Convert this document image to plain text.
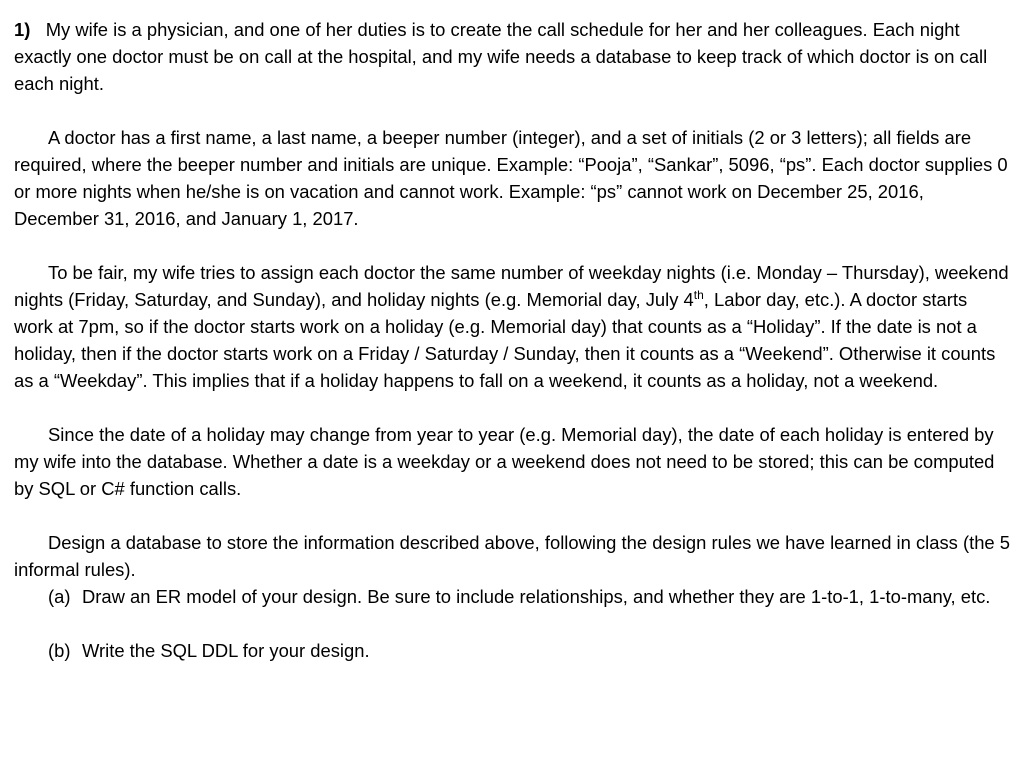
1) My wife is a physician, and one of her duties is to create the call schedule for her and her colleagues. Each night exactly one doctor must be on call at the hospital, and my wife needs a database to keep track of which doctor is on call each night.

A doctor has a first name, a last name, a beeper number (integer), and a set of initials (2 or 3 letters); all fields are required, where the beeper number and initials are unique. Example: “Pooja”, “Sankar”, 5096, “ps”. Each doctor supplies 0 or more nights when he/she is on vacation and cannot work. Example: “ps” cannot work on December 25, 2016, December 31, 2016, and January 1, 2017.

To be fair, my wife tries to assign each doctor the same number of weekday nights (i.e. Monday – Thursday), weekend nights (Friday, Saturday, and Sunday), and holiday nights (e.g. Memorial day, July 4th, Labor day, etc.). A doctor starts work at 7pm, so if the doctor starts work on a holiday (e.g. Memorial day) that counts as a “Holiday”. If the date is not a holiday, then if the doctor starts work on a Friday / Saturday / Sunday, then it counts as a “Weekend”. Otherwise it counts as a “Weekday”. This implies that if a holiday happens to fall on a weekend, it counts as a holiday, not a weekend.

Since the date of a holiday may change from year to year (e.g. Memorial day), the date of each holiday is entered by my wife into the database. Whether a date is a weekday or a weekend does not need to be stored; this can be computed by SQL or C# function calls.

Design a database to store the information described above, following the design rules we have learned in class (the 5 informal rules).

(a) Draw an ER model of your design. Be sure to include relationships, and whether they are 1-to-1, 1-to-many, etc.
(b) Write the SQL DDL for your design.
